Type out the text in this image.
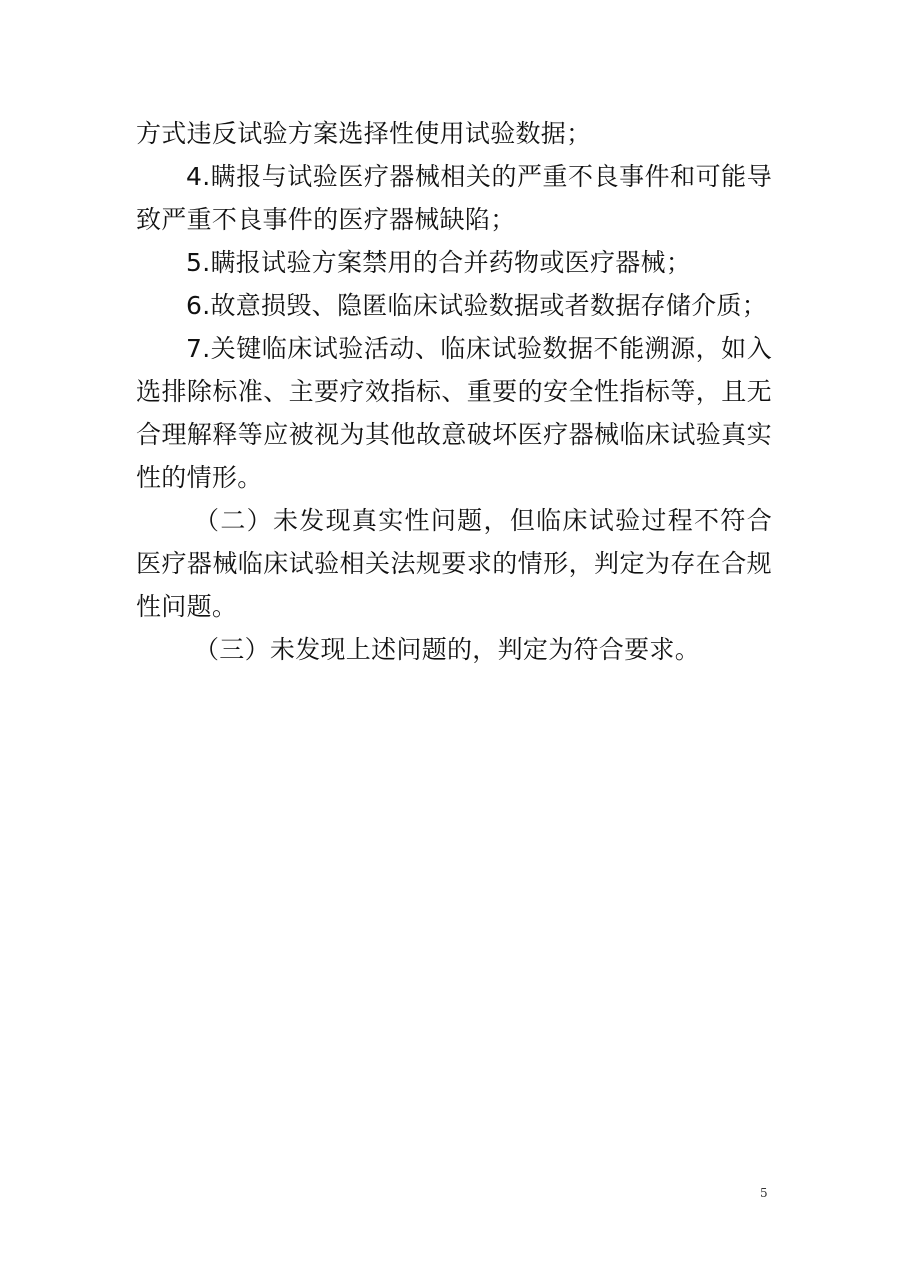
方式违反试验方案选择性使用试验数据；

4.瞒报与试验医疗器械相关的严重不良事件和可能导致严重不良事件的医疗器械缺陷；

5.瞒报试验方案禁用的合并药物或医疗器械；

6.故意损毁、隐匿临床试验数据或者数据存储介质；

7.关键临床试验活动、临床试验数据不能溯源，如入选排除标准、主要疗效指标、重要的安全性指标等，且无合理解释等应被视为其他故意破坏医疗器械临床试验真实性的情形。

（二）未发现真实性问题，但临床试验过程不符合医疗器械临床试验相关法规要求的情形，判定为存在合规性问题。

（三）未发现上述问题的，判定为符合要求。

5
